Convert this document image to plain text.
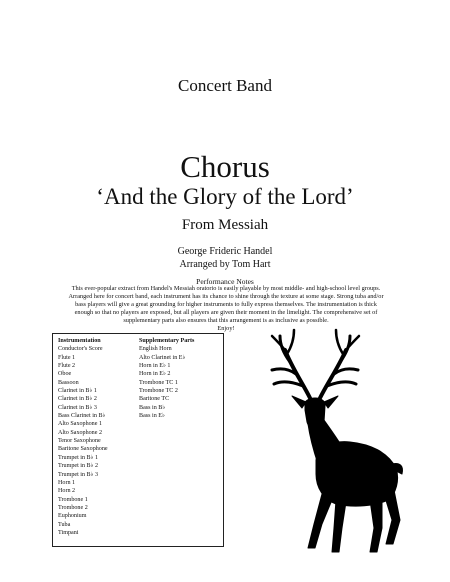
Concert Band
Chorus
‘And the Glory of the Lord’
From Messiah
George Frideric Handel
Arranged by Tom Hart
Performance Notes
This ever-popular extract from Handel's Messiah oratorio is easily playable by most middle- and high-school level groups. Arranged here for concert band, each instrument has its chance to shine through the texture at some stage. Strong tuba and/or bass players will give a great grounding for higher instruments to fully express themselves. The instrumentation is thick enough so that no players are exposed, but all players are given their moment in the limelight. The comprehensive set of supplementary parts also ensures that this arrangement is as inclusive as possible.
Enjoy!
Instrumentation
Conductor's Score
Flute 1
Flute 2
Oboe
Bassoon
Clarinet in B♭ 1
Clarinet in B♭ 2
Clarinet in B♭ 3
Bass Clarinet in B♭
Alto Saxophone 1
Alto Saxophone 2
Tenor Saxophone
Baritone Saxophone
Trumpet in B♭ 1
Trumpet in B♭ 2
Trumpet in B♭ 3
Horn 1
Horn 2
Trombone 1
Trombone 2
Euphonium
Tuba
Timpani
Supplementary Parts
English Horn
Alto Clarinet in E♭
Horn in E♭ 1
Horn in E♭ 2
Trombone TC 1
Trombone TC 2
Baritone TC
Bass in B♭
Bass in E♭
